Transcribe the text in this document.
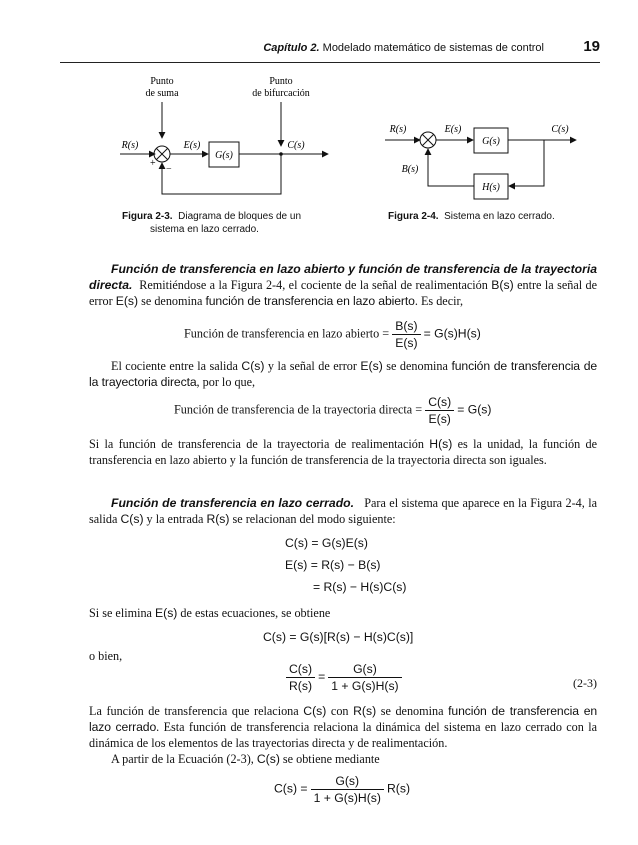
Capítulo 2. Modelado matemático de sistemas de control	19
Punto
de suma
Punto
de bifurcación
R(s)
+
−
E(s)
G(s)
C(s)
Figura 2-3. Diagrama de bloques de un
sistema en lazo cerrado.
R(s)	E(s)
G(s)
C(s)
H(s)
B(s)
Figura 2-4. Sistema en lazo cerrado.
Función de transferencia en lazo abierto y función de transferencia de la trayectoria directa. Remitiéndose a la Figura 2-4, el cociente de la señal de realimentación B(s) entre la señal de error E(s) se denomina función de transferencia en lazo abierto. Es decir,
Función de transferencia en lazo abierto = $\frac{B(s)}{E(s)} = G(s)H(s)$
El cociente entre la salida C(s) y la señal de error E(s) se denomina función de transferencia de la trayectoria directa, por lo que,
Función de transferencia de la trayectoria directa = $\frac{C(s)}{E(s)} = G(s)$
Si la función de transferencia de la trayectoria de realimentación H(s) es la unidad, la función de transferencia en lazo abierto y la función de transferencia de la trayectoria directa son iguales.
Función de transferencia en lazo cerrado. Para el sistema que aparece en la Figura 2-4, la salida C(s) y la entrada R(s) se relacionan del modo siguiente:
C(s) = G(s)E(s)
E(s) = R(s) − B(s)
= R(s) − H(s)C(s)
Si se elimina E(s) de estas ecuaciones, se obtiene
C(s) = G(s)[R(s) − H(s)C(s)]
o bien,
$\frac{C(s)}{R(s)} = \frac{G(s)}{1 + G(s)H(s)}$	(2-3)
La función de transferencia que relaciona C(s) con R(s) se denomina función de transferencia en lazo cerrado. Esta función de transferencia relaciona la dinámica del sistema en lazo cerrado con la dinámica de los elementos de las trayectorias directa y de realimentación.
A partir de la Ecuación (2-3), C(s) se obtiene mediante
$C(s) = \frac{G(s)}{1 + G(s)H(s)} R(s)$
